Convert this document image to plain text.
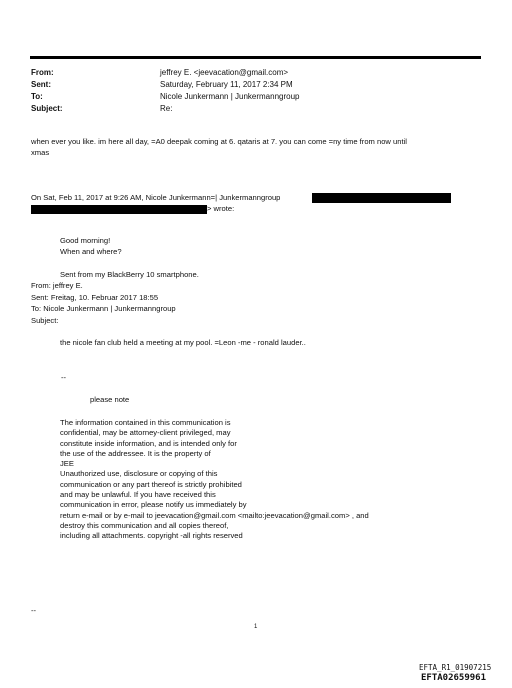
From:	jeffrey E. <jeevacation@gmail.com>
Sent:	Saturday, February 11, 2017 2:34 PM
To:	Nicole Junkermann | Junkermanngroup
Subject:	Re:
when ever you like. im here all day, =A0 deepak coming at 6. qataris at 7. you can come =ny time from now until
xmas
On Sat, Feb 11, 2017 at 9:26 AM, Nicole Junkermann=| Junkermanngroup
> wrote:
Good morning!
When and where?
Sent from my BlackBerry 10 smartphone.
From: jeffrey E.
Sent: Freitag, 10. Februar 2017 18:55
To: Nicole Junkermann | Junkermanngroup
Subject:
the nicole fan club held a meeting at my pool. =Leon -me - ronald lauder..
--
please note
The information contained in this communication is
confidential, may be attorney-client privileged, may
constitute inside information, and is intended only for
the use of the addressee. It is the property of
JEE
Unauthorized use, disclosure or copying of this
communication or any part thereof is strictly prohibited
and may be unlawful. If you have received this
communication in error, please notify us immediately by
return e-mail or by e-mail to jeevacation@gmail.com <mailto:jeevacation@gmail.com> , and
destroy this communication and all copies thereof,
including all attachments. copyright -all rights reserved
--
1
EFTA_R1_01907215
EFTA02659961
